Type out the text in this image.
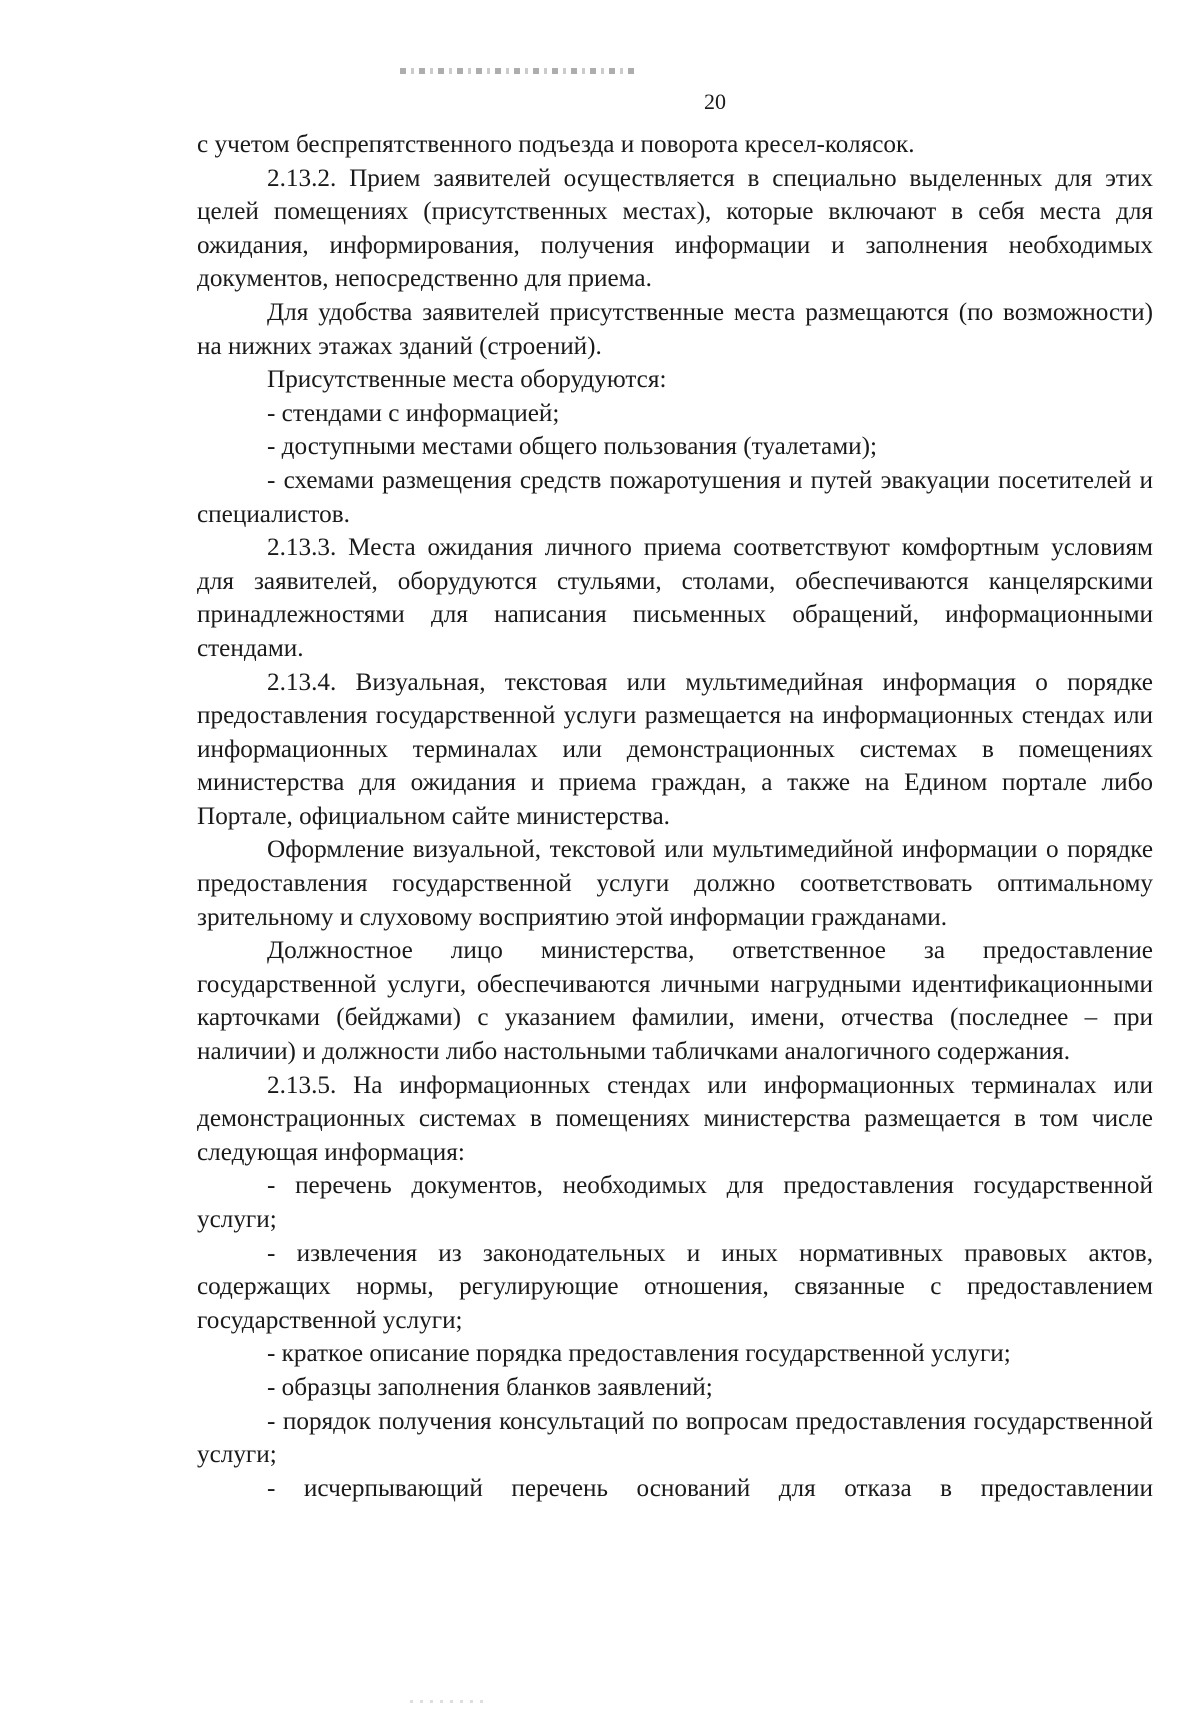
20

с учетом беспрепятственного подъезда и поворота кресел-колясок.

2.13.2. Прием заявителей осуществляется в специально выделенных для этих целей помещениях (присутственных местах), которые включают в себя места для ожидания, информирования, получения информации и заполнения необходимых документов, непосредственно для приема.

Для удобства заявителей присутственные места размещаются (по возможности) на нижних этажах зданий (строений).

Присутственные места оборудуются:

- стендами с информацией;

- доступными местами общего пользования (туалетами);

- схемами размещения средств пожаротушения и путей эвакуации посетителей и специалистов.

2.13.3. Места ожидания личного приема соответствуют комфортным условиям для заявителей, оборудуются стульями, столами, обеспечиваются канцелярскими принадлежностями для написания письменных обращений, информационными стендами.

2.13.4. Визуальная, текстовая или мультимедийная информация о порядке предоставления государственной услуги размещается на информационных стендах или информационных терминалах или демонстрационных системах в помещениях министерства для ожидания и приема граждан, а также на Едином портале либо Портале, официальном сайте министерства.

Оформление визуальной, текстовой или мультимедийной информации о порядке предоставления государственной услуги должно соответствовать оптимальному зрительному и слуховому восприятию этой информации гражданами.

Должностное лицо министерства, ответственное за предоставление государственной услуги, обеспечиваются личными нагрудными идентификационными карточками (бейджами) с указанием фамилии, имени, отчества (последнее – при наличии) и должности либо настольными табличками аналогичного содержания.

2.13.5. На информационных стендах или информационных терминалах или демонстрационных системах в помещениях министерства размещается в том числе следующая информация:

- перечень документов, необходимых для предоставления государственной услуги;

- извлечения из законодательных и иных нормативных правовых актов, содержащих нормы, регулирующие отношения, связанные с предоставлением государственной услуги;

- краткое описание порядка предоставления государственной услуги;

- образцы заполнения бланков заявлений;

- порядок получения консультаций по вопросам предоставления государственной услуги;

- исчерпывающий перечень оснований для отказа в предоставлении
